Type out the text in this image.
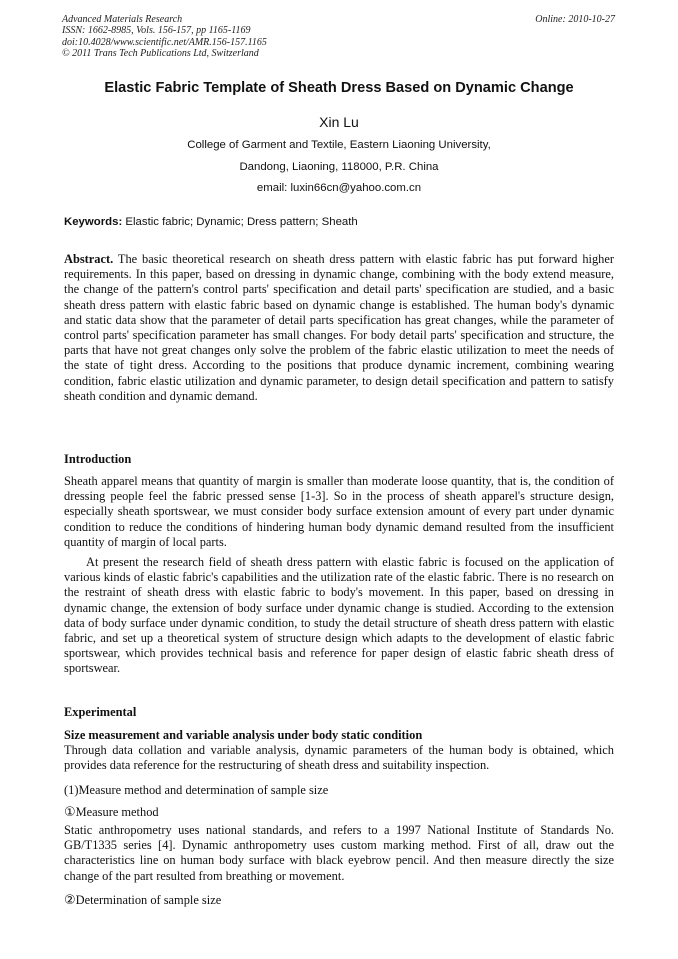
Advanced Materials Research
ISSN: 1662-8985, Vols. 156-157, pp 1165-1169
doi:10.4028/www.scientific.net/AMR.156-157.1165
© 2011 Trans Tech Publications Ltd, Switzerland
Online: 2010-10-27
Elastic Fabric Template of Sheath Dress Based on Dynamic Change
Xin Lu
College of Garment and Textile, Eastern Liaoning University,
Dandong, Liaoning, 118000, P.R. China
email: luxin66cn@yahoo.com.cn
Keywords: Elastic fabric; Dynamic; Dress pattern; Sheath

Abstract. The basic theoretical research on sheath dress pattern with elastic fabric has put forward higher requirements. In this paper, based on dressing in dynamic change, combining with the body extend measure, the change of the pattern's control parts' specification and detail parts' specification are studied, and a basic sheath dress pattern with elastic fabric based on dynamic change is established. The human body's dynamic and static data show that the parameter of detail parts specification has great changes, while the parameter of control parts' specification parameter has small changes. For body detail parts' specification and structure, the parts that have not great changes only solve the problem of the fabric elastic utilization to meet the needs of the state of tight dress. According to the positions that produce dynamic increment, combining wearing condition, fabric elastic utilization and dynamic parameter, to design detail specification and pattern to satisfy sheath condition and dynamic demand.

Introduction

Sheath apparel means that quantity of margin is smaller than moderate loose quantity, that is, the condition of dressing people feel the fabric pressed sense [1-3]. So in the process of sheath apparel's structure design, especially sheath sportswear, we must consider body surface extension amount of every part under dynamic condition to reduce the conditions of hindering human body dynamic demand resulted from the insufficient quantity of margin of local parts.

At present the research field of sheath dress pattern with elastic fabric is focused on the application of various kinds of elastic fabric's capabilities and the utilization rate of the elastic fabric. There is no research on the restraint of sheath dress with elastic fabric to body's movement. In this paper, based on dressing in dynamic change, the extension of body surface under dynamic change is studied. According to the extension data of body surface under dynamic condition, to study the detail structure of sheath dress pattern with elastic fabric, and set up a theoretical system of structure design which adapts to the development of elastic fabric sportswear, which provides technical basis and reference for paper design of elastic fabric sheath dress of sportswear.

Experimental
Size measurement and variable analysis under body static condition

Through data collation and variable analysis, dynamic parameters of the human body is obtained, which provides data reference for the restructuring of sheath dress and suitability inspection.

(1)Measure method and determination of sample size
①Measure method

Static anthropometry uses national standards, and refers to a 1997 National Institute of Standards No. GB/T1335 series [4]. Dynamic anthropometry uses custom marking method. First of all, draw out the characteristics line on human body surface with black eyebrow pencil. And then measure directly the size change of the part resulted from breathing or movement.

②Determination of sample size
